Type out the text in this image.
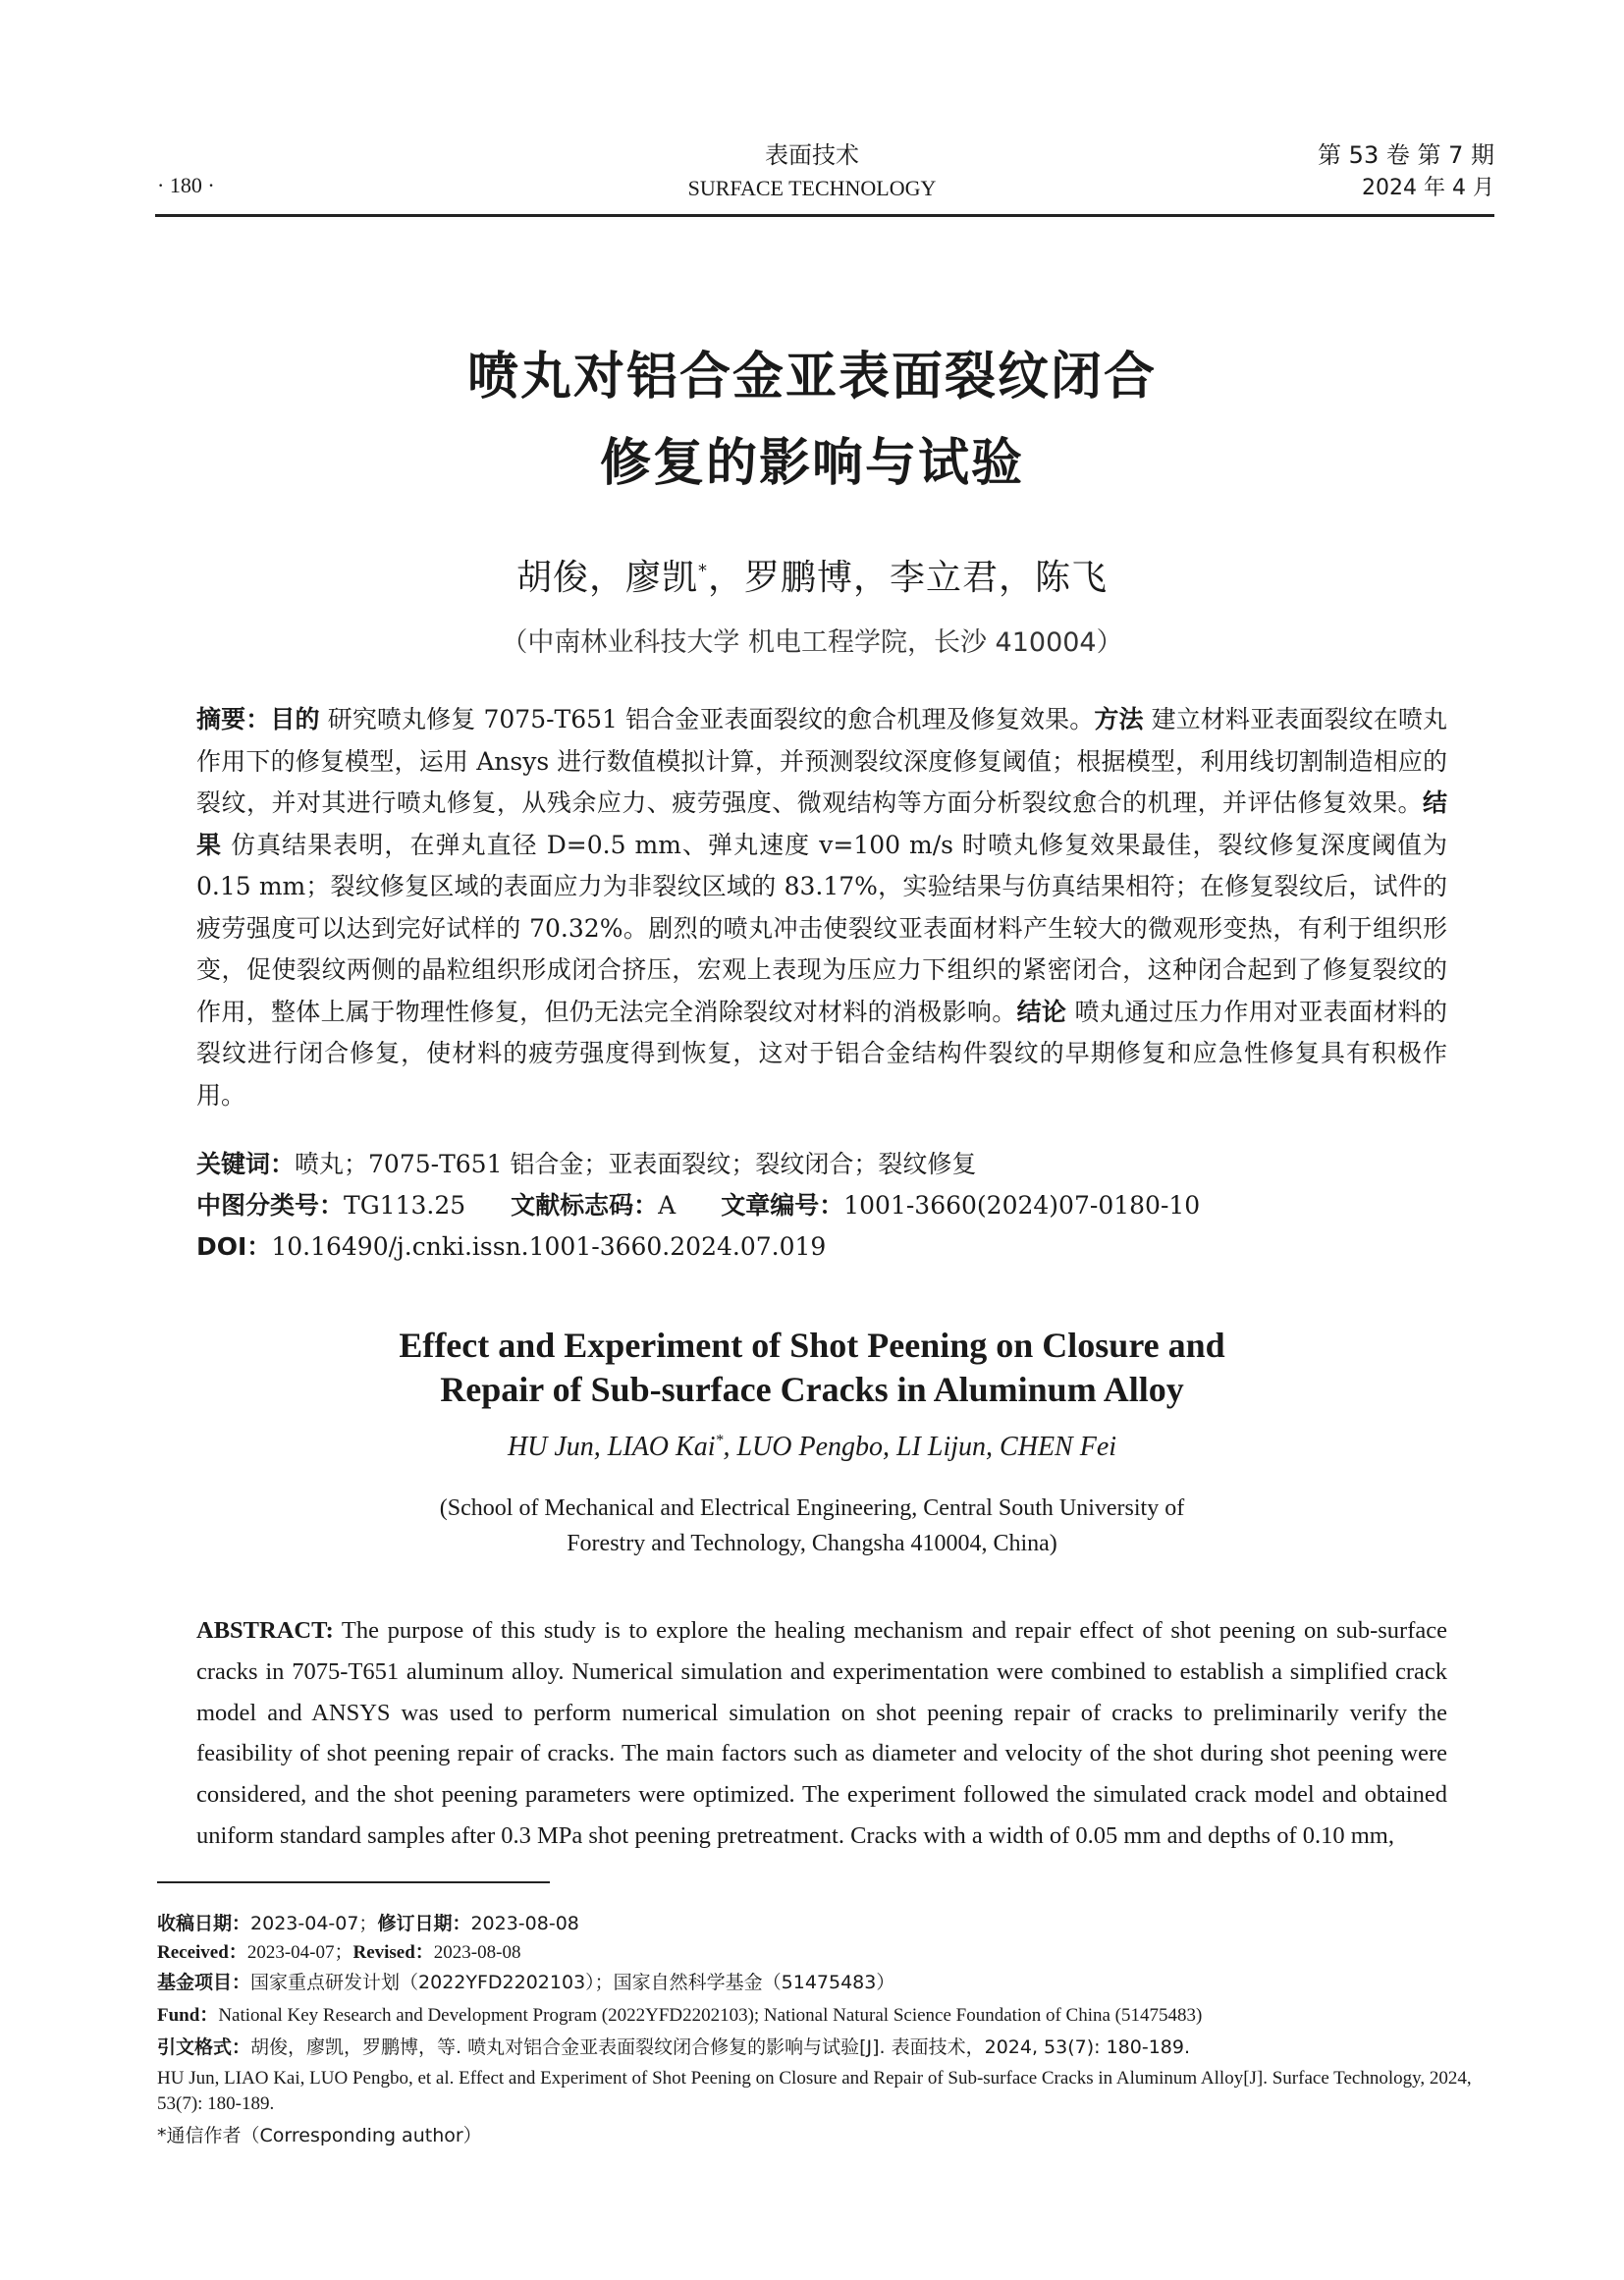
· 180 ·
表面技术
SURFACE TECHNOLOGY
第 53 卷 第 7 期
2024 年 4 月
喷丸对铝合金亚表面裂纹闭合
修复的影响与试验
胡俊，廖凯*，罗鹏博，李立君，陈飞
（中南林业科技大学 机电工程学院，长沙 410004）
摘要：目的 研究喷丸修复 7075-T651 铝合金亚表面裂纹的愈合机理及修复效果。方法 建立材料亚表面裂纹在喷丸作用下的修复模型，运用 Ansys 进行数值模拟计算，并预测裂纹深度修复阈值；根据模型，利用线切割制造相应的裂纹，并对其进行喷丸修复，从残余应力、疲劳强度、微观结构等方面分析裂纹愈合的机理，并评估修复效果。结果 仿真结果表明，在弹丸直径 D=0.5 mm、弹丸速度 v=100 m/s 时喷丸修复效果最佳，裂纹修复深度阈值为 0.15 mm；裂纹修复区域的表面应力为非裂纹区域的 83.17%，实验结果与仿真结果相符；在修复裂纹后，试件的疲劳强度可以达到完好试样的 70.32%。剧烈的喷丸冲击使裂纹亚表面材料产生较大的微观形变热，有利于组织形变，促使裂纹两侧的晶粒组织形成闭合挤压，宏观上表现为压应力下组织的紧密闭合，这种闭合起到了修复裂纹的作用，整体上属于物理性修复，但仍无法完全消除裂纹对材料的消极影响。结论 喷丸通过压力作用对亚表面材料的裂纹进行闭合修复，使材料的疲劳强度得到恢复，这对于铝合金结构件裂纹的早期修复和应急性修复具有积极作用。
关键词：喷丸；7075-T651 铝合金；亚表面裂纹；裂纹闭合；裂纹修复
中图分类号：TG113.25 文献标志码：A 文章编号：1001-3660(2024)07-0180-10
DOI：10.16490/j.cnki.issn.1001-3660.2024.07.019
Effect and Experiment of Shot Peening on Closure and
Repair of Sub-surface Cracks in Aluminum Alloy
HU Jun, LIAO Kai*, LUO Pengbo, LI Lijun, CHEN Fei
(School of Mechanical and Electrical Engineering, Central South University of
Forestry and Technology, Changsha 410004, China)
ABSTRACT: The purpose of this study is to explore the healing mechanism and repair effect of shot peening on sub-surface cracks in 7075-T651 aluminum alloy. Numerical simulation and experimentation were combined to establish a simplified crack model and ANSYS was used to perform numerical simulation on shot peening repair of cracks to preliminarily verify the feasibility of shot peening repair of cracks. The main factors such as diameter and velocity of the shot during shot peening were considered, and the shot peening parameters were optimized. The experiment followed the simulated crack model and obtained uniform standard samples after 0.3 MPa shot peening pretreatment. Cracks with a width of 0.05 mm and depths of 0.10 mm,
收稿日期：2023-04-07；修订日期：2023-08-08
Received：2023-04-07；Revised：2023-08-08
基金项目：国家重点研发计划（2022YFD2202103）；国家自然科学基金（51475483）
Fund：National Key Research and Development Program (2022YFD2202103); National Natural Science Foundation of China (51475483)
引文格式：胡俊，廖凯，罗鹏博，等. 喷丸对铝合金亚表面裂纹闭合修复的影响与试验[J]. 表面技术，2024, 53(7): 180-189.
HU Jun, LIAO Kai, LUO Pengbo, et al. Effect and Experiment of Shot Peening on Closure and Repair of Sub-surface Cracks in Aluminum Alloy[J]. Surface Technology, 2024, 53(7): 180-189.
*通信作者（Corresponding author）
